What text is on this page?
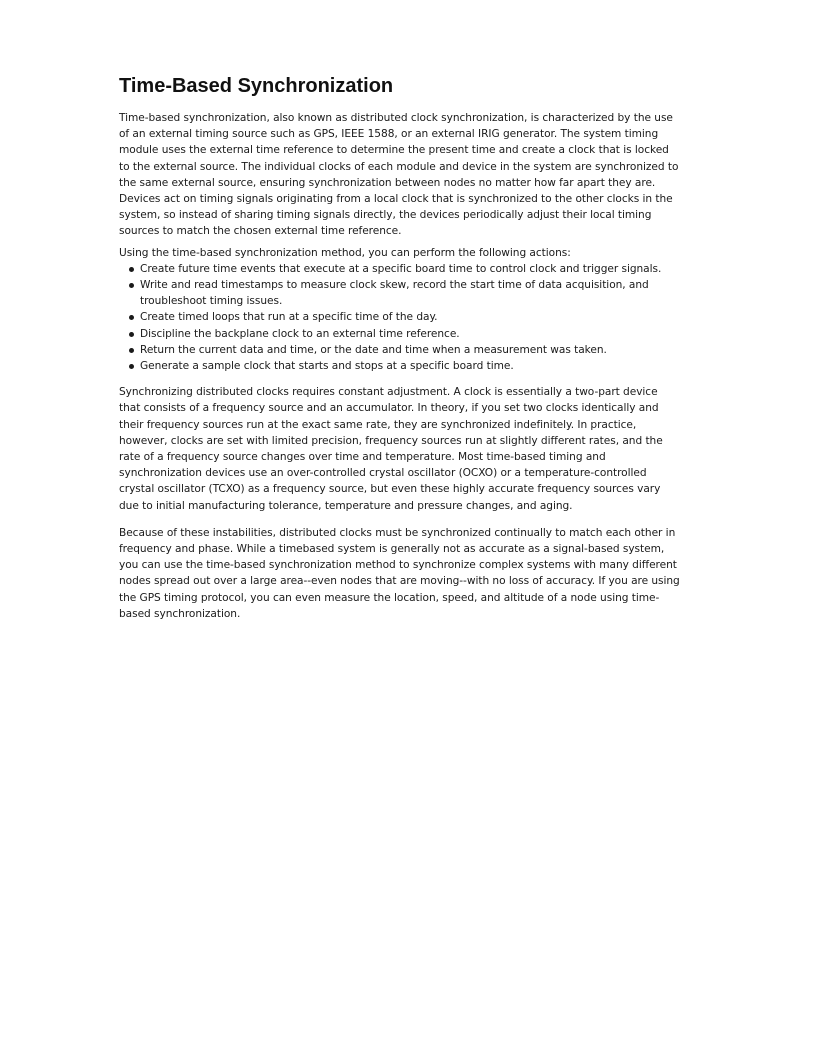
Time-Based Synchronization

Time-based synchronization, also known as distributed clock synchronization, is characterized by the use of an external timing source such as GPS, IEEE 1588, or an external IRIG generator. The system timing module uses the external time reference to determine the present time and create a clock that is locked to the external source. The individual clocks of each module and device in the system are synchronized to the same external source, ensuring synchronization between nodes no matter how far apart they are. Devices act on timing signals originating from a local clock that is synchronized to the other clocks in the system, so instead of sharing timing signals directly, the devices periodically adjust their local timing sources to match the chosen external time reference.

Using the time-based synchronization method, you can perform the following actions:

Create future time events that execute at a specific board time to control clock and trigger signals.
Write and read timestamps to measure clock skew, record the start time of data acquisition, and troubleshoot timing issues.
Create timed loops that run at a specific time of the day.
Discipline the backplane clock to an external time reference.
Return the current data and time, or the date and time when a measurement was taken.
Generate a sample clock that starts and stops at a specific board time.

Synchronizing distributed clocks requires constant adjustment. A clock is essentially a two-part device that consists of a frequency source and an accumulator. In theory, if you set two clocks identically and their frequency sources run at the exact same rate, they are synchronized indefinitely. In practice, however, clocks are set with limited precision, frequency sources run at slightly different rates, and the rate of a frequency source changes over time and temperature. Most time-based timing and synchronization devices use an over-controlled crystal oscillator (OCXO) or a temperature-controlled crystal oscillator (TCXO) as a frequency source, but even these highly accurate frequency sources vary due to initial manufacturing tolerance, temperature and pressure changes, and aging.

Because of these instabilities, distributed clocks must be synchronized continually to match each other in frequency and phase. While a timebased system is generally not as accurate as a signal-based system, you can use the time-based synchronization method to synchronize complex systems with many different nodes spread out over a large area--even nodes that are moving--with no loss of accuracy. If you are using the GPS timing protocol, you can even measure the location, speed, and altitude of a node using time-based synchronization.
